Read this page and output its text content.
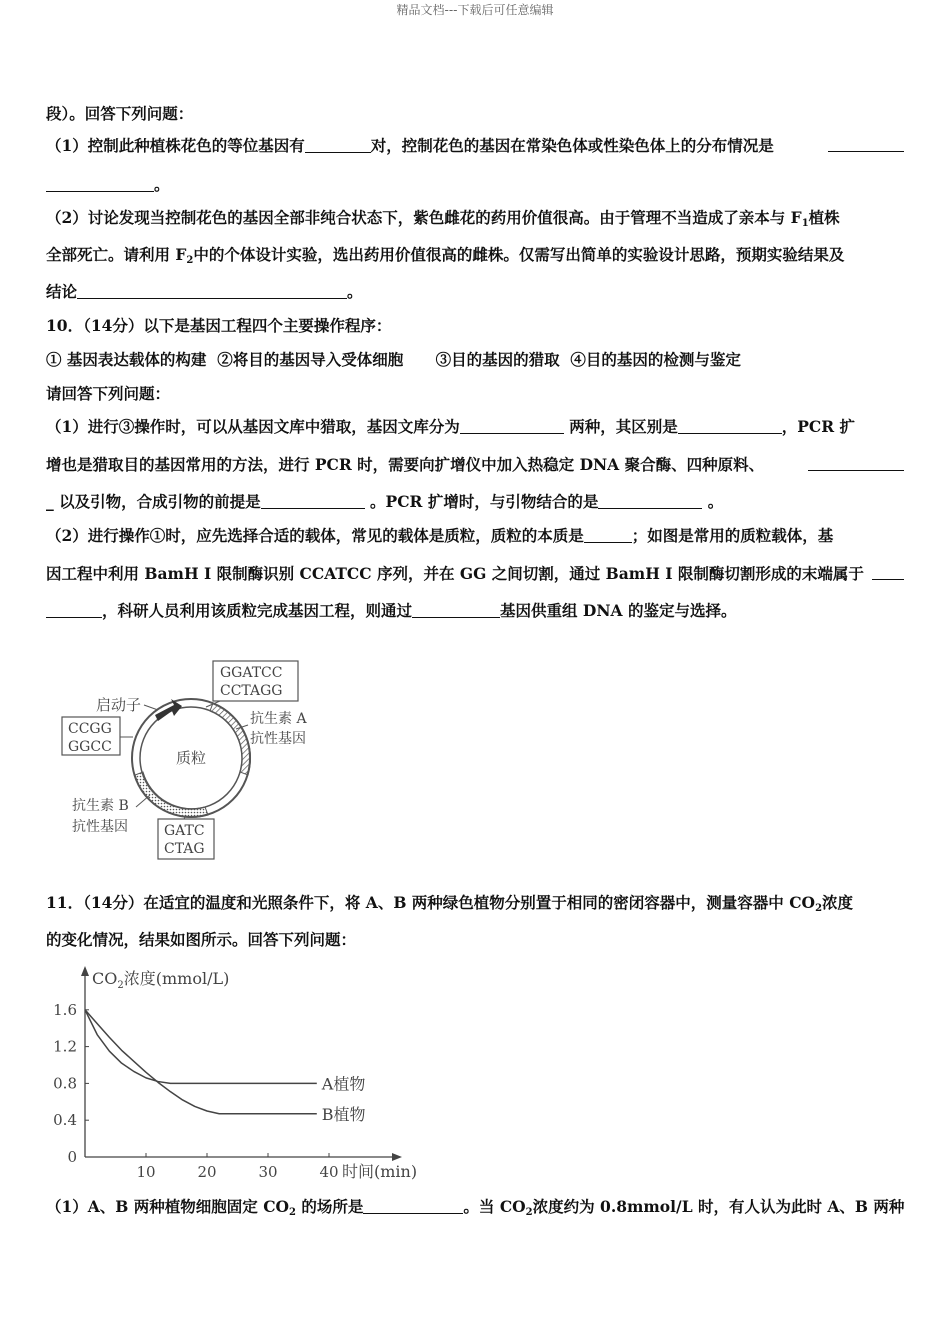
精品文档---下载后可任意编辑
段）。回答下列问题：
（1）控制此种植株花色的等位基因有	对，控制花色的基因在常染色体或性染色体上的分布情况是
。
（2）讨论发现当控制花色的基因全部非纯合状态下，紫色雌花的药用价值很高。由于管理不当造成了亲本与 $F_1$植株
全部死亡。请利用 $F_2$中的个体设计实验，选出药用价值很高的雌株。仅需写出简单的实验设计思路，预期实验结果及
结论	。
10．（14分）以下是基因工程四个主要操作程序：
① 基因表达载体的构建  ②将目的基因导入受体细胞      ③目的基因的猎取  ④目的基因的检测与鉴定
请回答下列问题：
（1）进行③操作时，可以从基因文库中猎取，基因文库分为	两种，其区别是	，PCR 扩
增也是猎取目的基因常用的方法，进行 PCR 时，需要向扩增仪中加入热稳定 DNA 聚合酶、四种原料、
_ 以及引物，合成引物的前提是	。PCR 扩增时，与引物结合的是	。
（2）进行操作①时，应先选择合适的载体，常见的载体是质粒，质粒的本质是	；如图是常用的质粒载体，基
因工程中利用 BamH I 限制酶识别 CCATCC 序列，并在 GG 之间切割，通过 BamH I 限制酶切割形成的末端属于
，科研人员利用该质粒完成基因工程，则通过	基因供重组 DNA 的鉴定与选择。
质粒
启动子
GGATCC
CCTAGG
CCGG
GGCC
GATC
CTAG
抗生素 A
抗性基因
抗生素 B
抗性基因
11．（14分）在适宜的温度和光照条件下，将 A、B 两种绿色植物分别置于相同的密闭容器中，测量容器中 $CO_2$浓度
的变化情况，结果如图所示。回答下列问题：
$CO_2$浓度(mmol/L)
时间(min)
0
0.4
0.8
1.2
1.6
10	20	30	40
A植物
B植物
（1）A、B 两种植物细胞固定 $CO_2$ 的场所是	。当 $CO_2$浓度约为 0.8mmol/L 时，有人认为此时 A、B 两种
